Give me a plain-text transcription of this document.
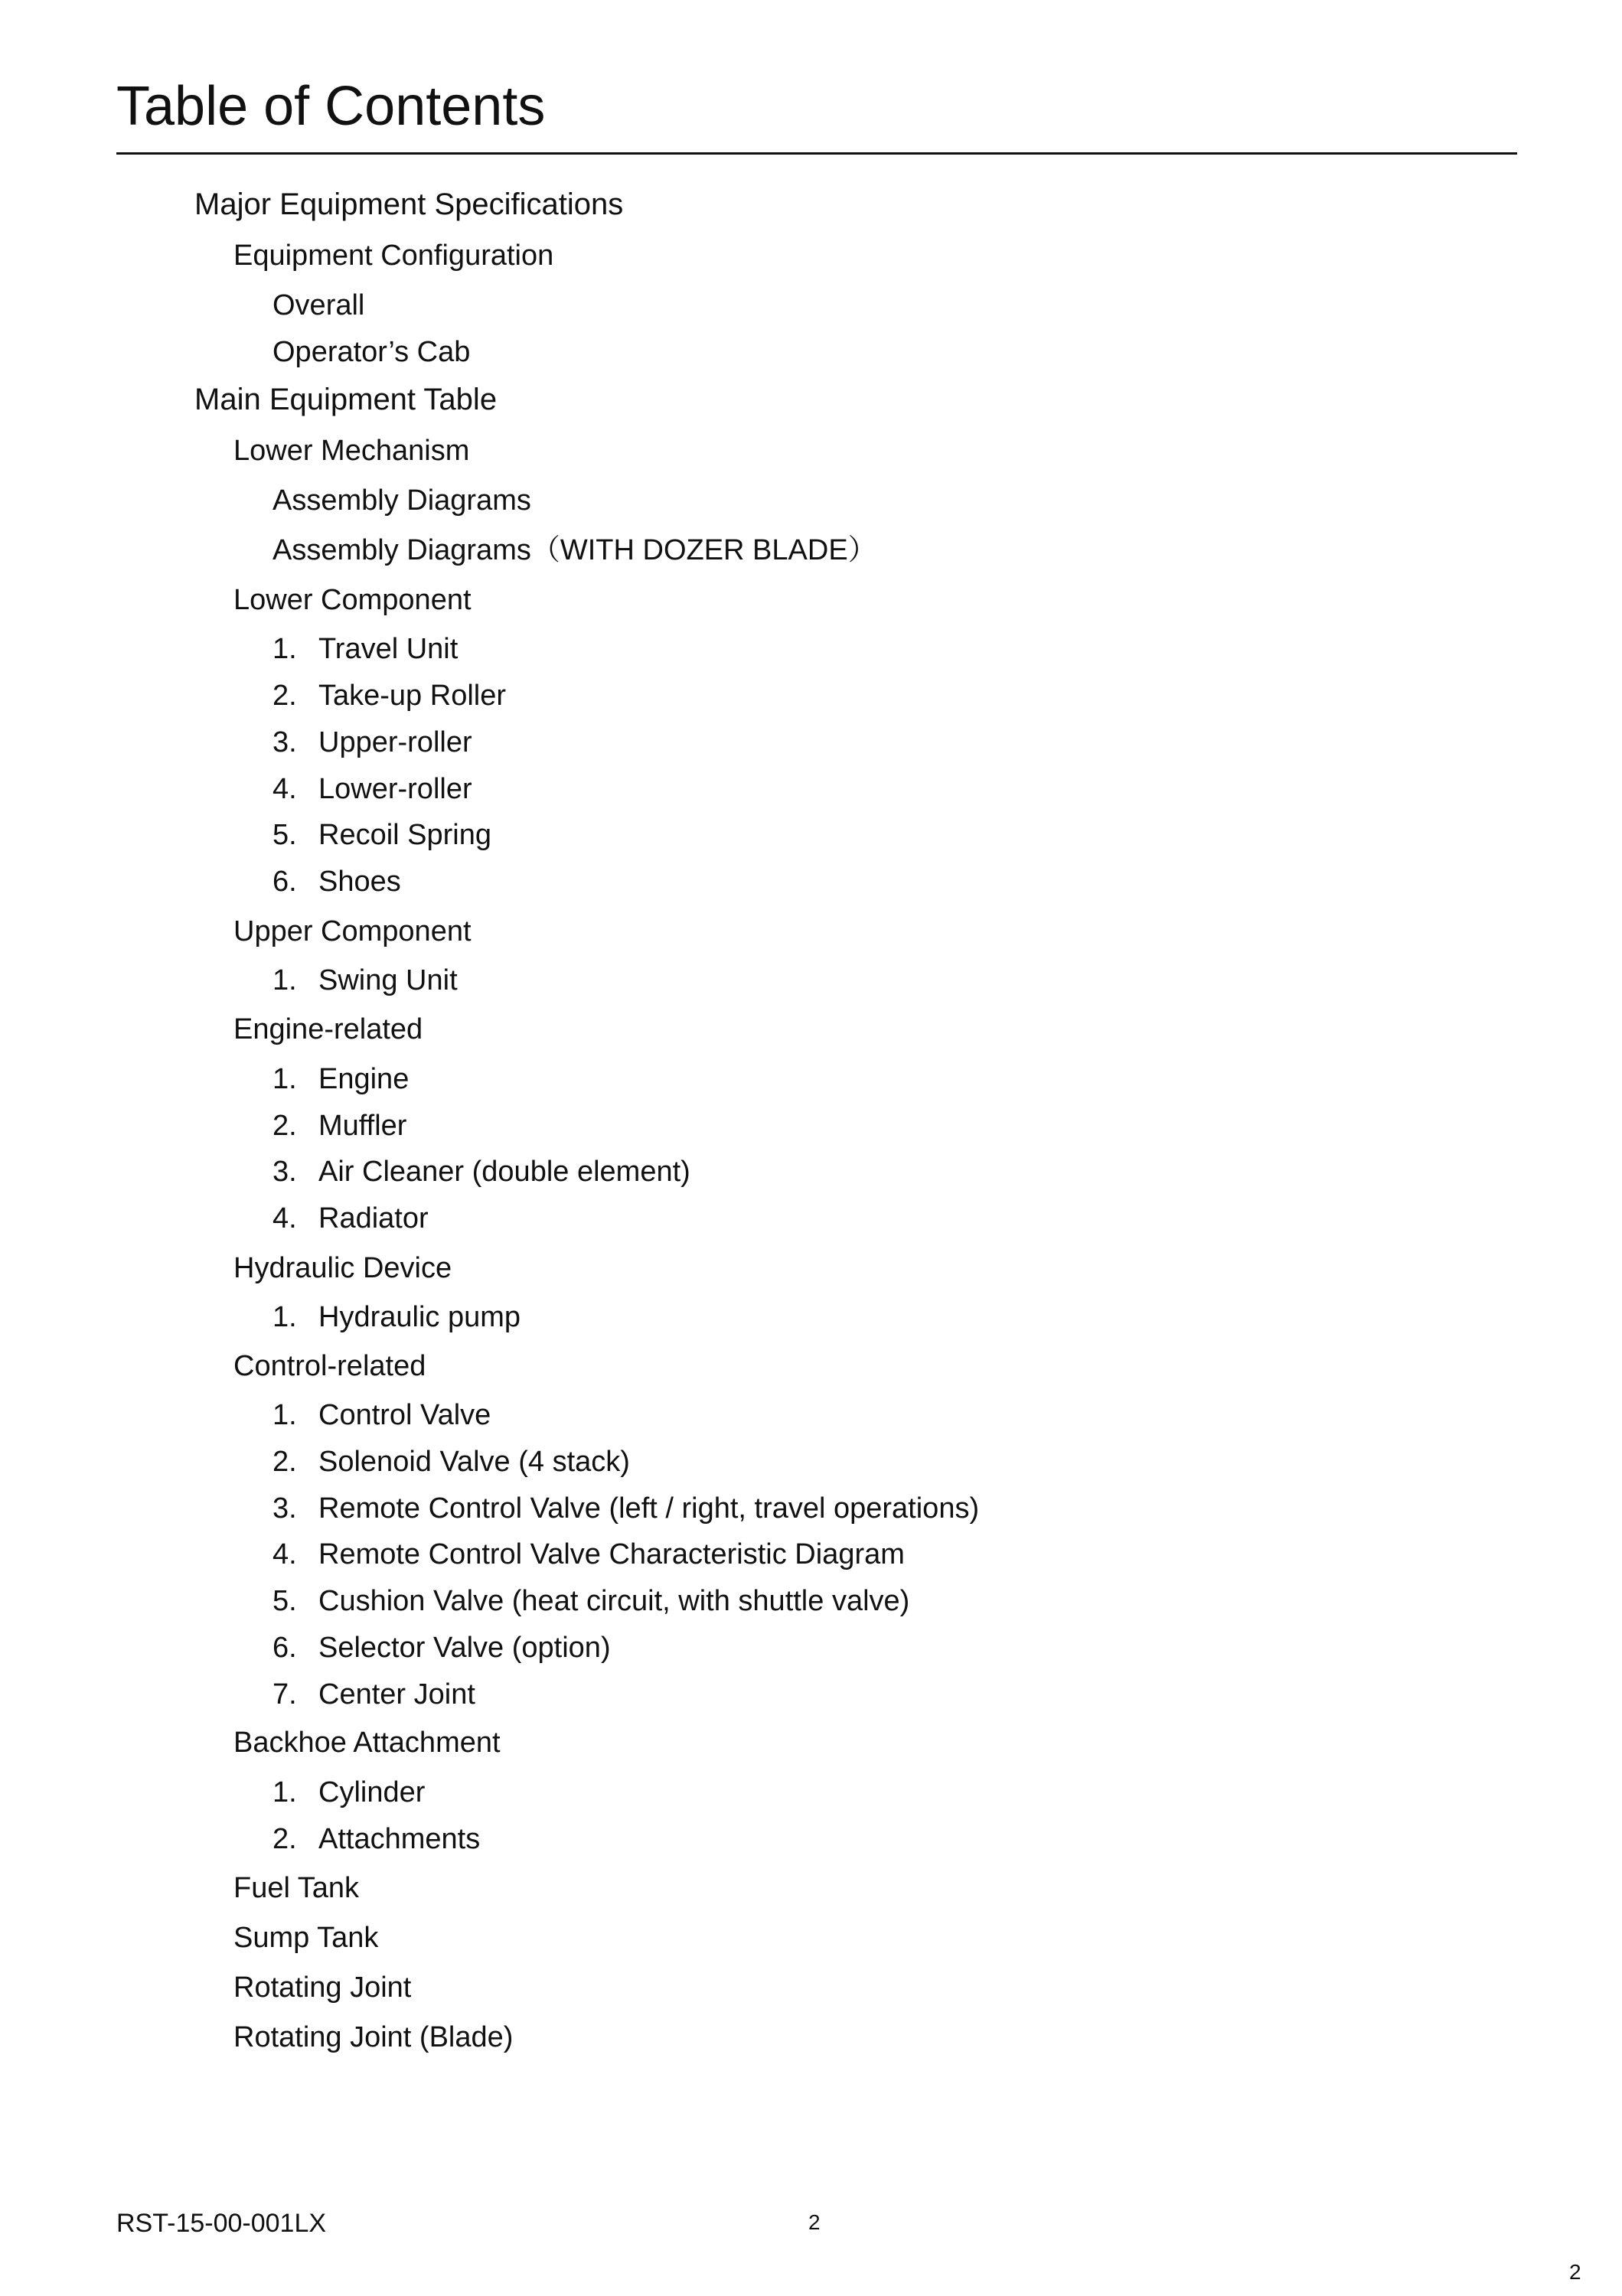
Table of Contents
Major Equipment Specifications
Equipment Configuration
Overall
Operator’s Cab
Main Equipment Table
Lower Mechanism
Assembly Diagrams
Assembly Diagrams（WITH DOZER BLADE）
Lower Component
1. Travel Unit
2. Take-up Roller
3. Upper-roller
4. Lower-roller
5. Recoil Spring
6. Shoes
Upper Component
1. Swing Unit
Engine-related
1. Engine
2. Muffler
3. Air Cleaner (double element)
4. Radiator
Hydraulic Device
1. Hydraulic pump
Control-related
1. Control Valve
2. Solenoid Valve (4 stack)
3. Remote Control Valve (left / right, travel operations)
4. Remote Control Valve Characteristic Diagram
5. Cushion Valve (heat circuit, with shuttle valve)
6. Selector Valve (option)
7. Center Joint
Backhoe Attachment
1. Cylinder
2. Attachments
Fuel Tank
Sump Tank
Rotating Joint
Rotating Joint (Blade)
RST-15-00-001LX	2
2
